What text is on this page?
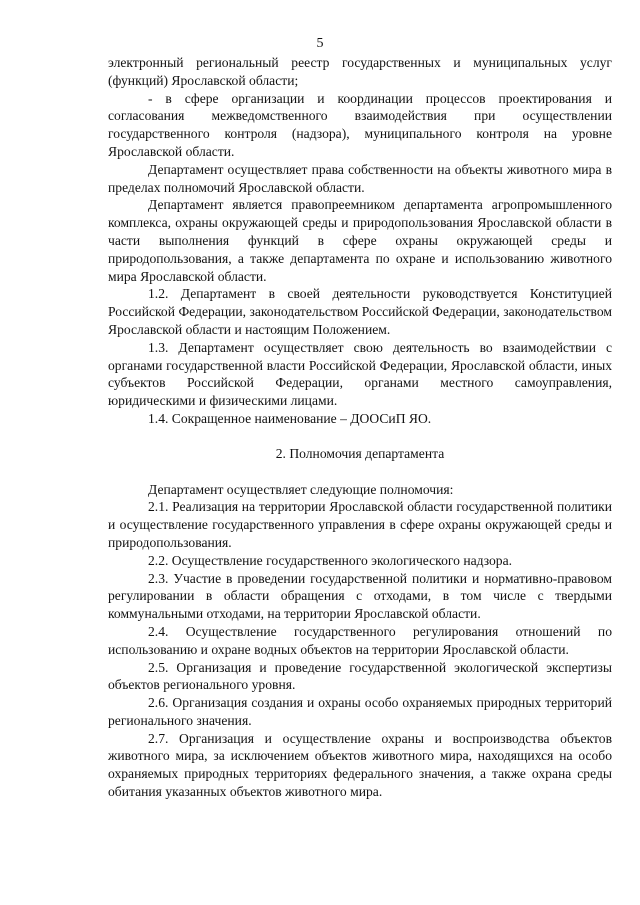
5

электронный региональный реестр государственных и муниципальных услуг (функций) Ярославской области;

- в сфере организации и координации процессов проектирования и согласования межведомственного взаимодействия при осуществлении государственного контроля (надзора), муниципального контроля на уровне Ярославской области.

Департамент осуществляет права собственности на объекты животного мира в пределах полномочий Ярославской области.

Департамент является правопреемником департамента агропромышленного комплекса, охраны окружающей среды и природопользования Ярославской области в части выполнения функций в сфере охраны окружающей среды и природопользования, а также департамента по охране и использованию животного мира Ярославской области.

1.2. Департамент в своей деятельности руководствуется Конституцией Российской Федерации, законодательством Российской Федерации, законодательством Ярославской области и настоящим Положением.

1.3. Департамент осуществляет свою деятельность во взаимодействии с органами государственной власти Российской Федерации, Ярославской области, иных субъектов Российской Федерации, органами местного самоуправления, юридическими и физическими лицами.

1.4. Сокращенное наименование – ДООСиП ЯО.

2. Полномочия департамента

Департамент осуществляет следующие полномочия:

2.1. Реализация на территории Ярославской области государственной политики и осуществление государственного управления в сфере охраны окружающей среды и природопользования.

2.2. Осуществление государственного экологического надзора.

2.3. Участие в проведении государственной политики и нормативно-правовом регулировании в области обращения с отходами, в том числе с твердыми коммунальными отходами, на территории Ярославской области.

2.4. Осуществление государственного регулирования отношений по использованию и охране водных объектов на территории Ярославской области.

2.5. Организация и проведение государственной экологической экспертизы объектов регионального уровня.

2.6. Организация создания и охраны особо охраняемых природных территорий регионального значения.

2.7. Организация и осуществление охраны и воспроизводства объектов животного мира, за исключением объектов животного мира, находящихся на особо охраняемых природных территориях федерального значения, а также охрана среды обитания указанных объектов животного мира.
